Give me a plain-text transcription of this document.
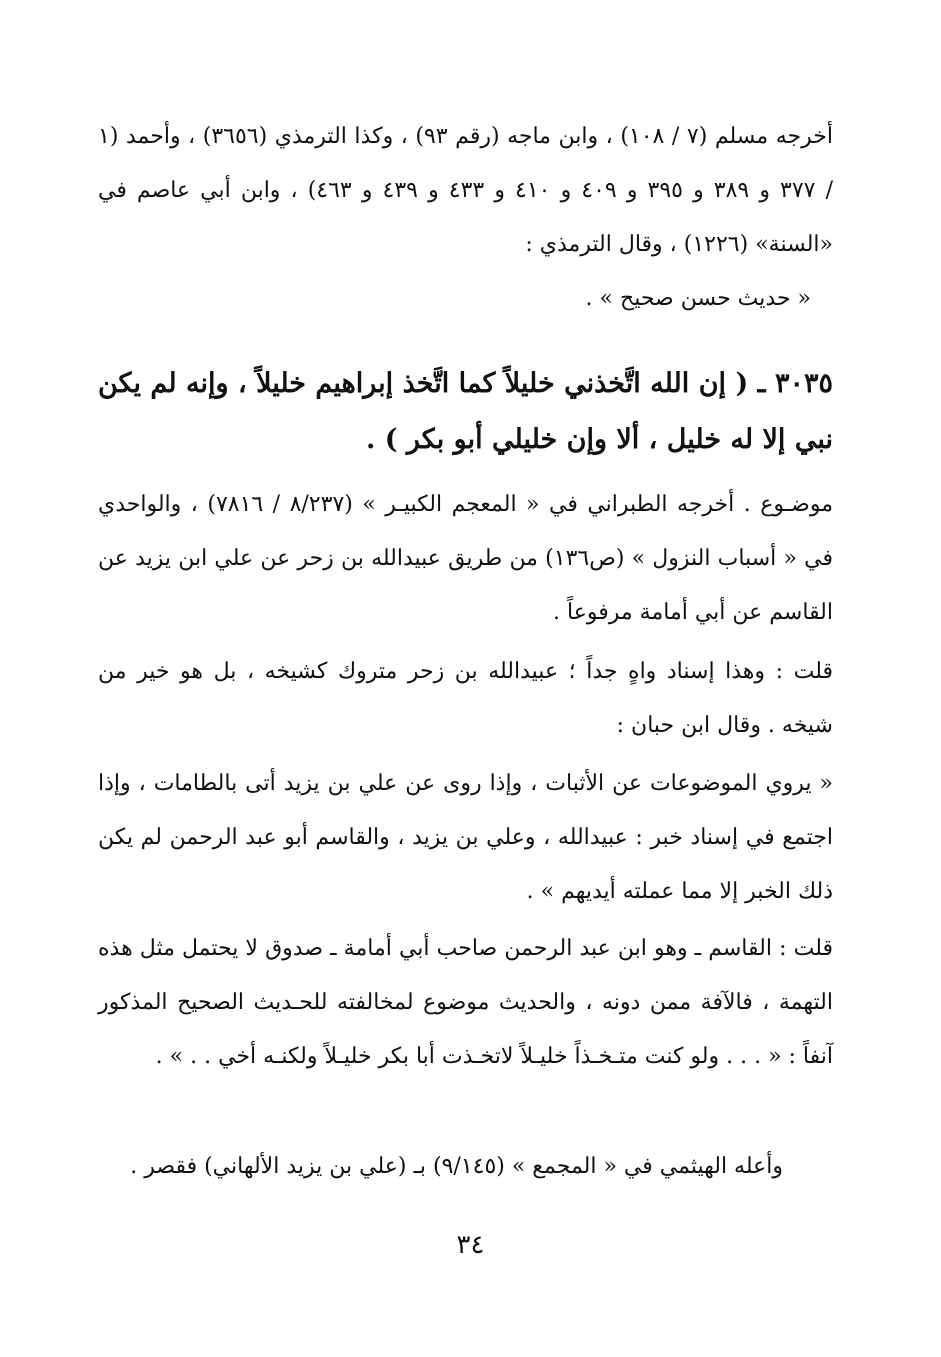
أخرجه مسلم (٧ / ١٠٨) ، وابن ماجه (رقم ٩٣) ، وكذا الترمذي (٣٦٥٦) ، وأحمد (١ / ٣٧٧ و ٣٨٩ و ٣٩٥ و ٤٠٩ و ٤١٠ و ٤٣٣ و ٤٣٩ و ٤٦٣) ، وابن أبي عاصم في «السنة» (١٢٢٦) ، وقال الترمذي :

« حديث حسن صحيح » .

٣٠٣٥ ـ ( إن الله اتَّخذني خليلاً كما اتَّخذ إبراهيم خليلاً ، وإنه لم يكن نبي إلا له خليل ، ألا وإن خليلي أبو بكر ) .

موضـوع . أخرجه الطبراني في « المعجم الكبيـر » (٨/٢٣٧ / ٧٨١٦) ، والواحدي في « أسباب النزول » (ص١٣٦) من طريق عبيدالله بن زحر عن علي ابن يزيد عن القاسم عن أبي أمامة مرفوعاً .

قلت : وهذا إسناد واهٍ جداً ؛ عبيدالله بن زحر متروك كشيخه ، بل هو خير من شيخه . وقال ابن حبان :

« يروي الموضوعات عن الأثبات ، وإذا روى عن علي بن يزيد أتى بالطامات ، وإذا اجتمع في إسناد خبر : عبيدالله ، وعلي بن يزيد ، والقاسم أبو عبد الرحمن لم يكن ذلك الخبر إلا مما عملته أيديهم » .

قلت : القاسم ـ وهو ابن عبد الرحمن صاحب أبي أمامة ـ صدوق لا يحتمل مثل هذه التهمة ، فالآفة ممن دونه ، والحديث موضوع لمخالفته للحـديث الصحيح المذكور آنفاً : « . . . ولو كنت متـخـذاً خليـلاً لاتخـذت أبا بكر خليـلاً ولكنـه أخي . . » .

وأعله الهيثمي في « المجمع » (٩/١٤٥) بـ (علي بن يزيد الألهاني) فقصر .

٣٤
